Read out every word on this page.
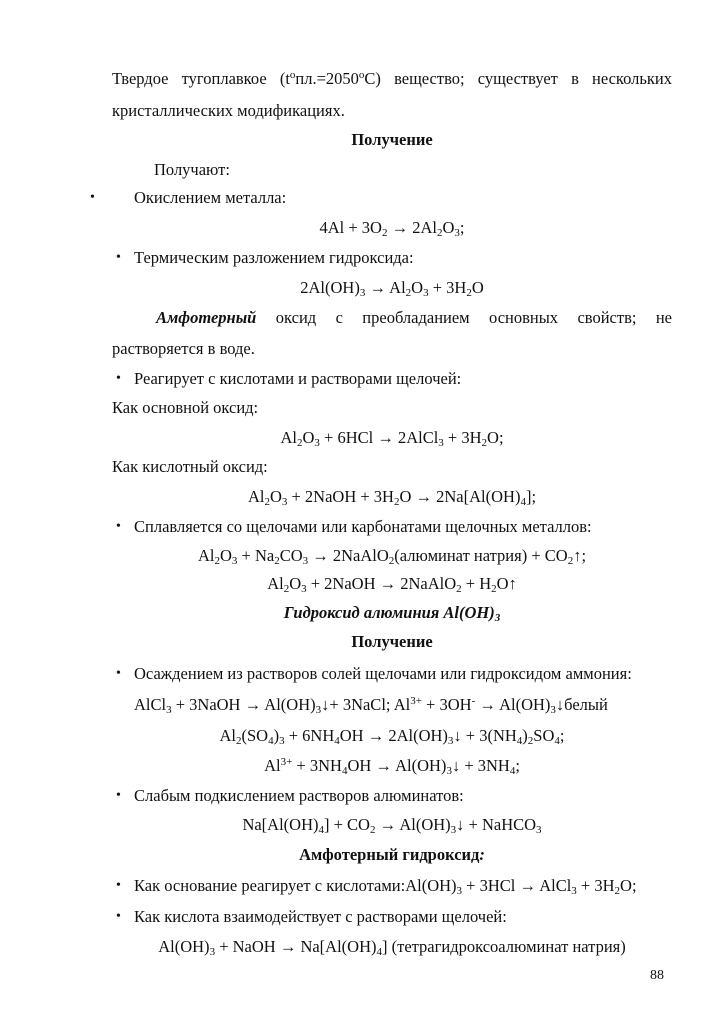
Твердое тугоплавкое $(t^опл.=2050^оС)$ вещество; существует в нескольких
кристаллических модификациях.
Получение
Получают:
• Окислением металла:
$4Al + 3O_2 \to 2Al_2O_3$;
• Термическим разложением гидроксида:
$2Al(OH)_3 \to Al_2O_3 + 3H_2O$
Амфотерный оксид с преобладанием основных свойств; не
растворяется в воде.
• Реагирует с кислотами и растворами щелочей:
Как основной оксид:
$Al_2O_3 + 6HCl$ → 2AlCl$_3$ + $3H_2O$;
Как кислотный оксид:
$Al_2O_3$ + 2NaOH + $3H_2O \to 2Na[Al(OH)_4]$;
• Сплавляется со щелочами или карбонатами щелочных металлов:
$Al_2O_3 + Na_2CO_3$ → 2NaAlO$_2$(алюминат натрия) + $CO_2↑$;
$Al_2O_3$ + 2NaOH → 2NaAlO$_2$ + $H_2O↑$
Гидроксид алюминия $Al(OH)_3$
Получение
• Осаждением из растворов солей щелочами или гидроксидом аммония:
AlCl$_3$ + 3NaOH → $Al(OH)_3↓+$ 3NaCl; $Al^{3+} + 3OH^-$ → $Al(OH)_3↓белый$
$Al_2(SO_4)_3 + 6NH_4OH$ → $2Al(OH)_3↓ + 3(NH_4)_2SO_4$;
$Al^{3+} + 3NH_4OH$ → $Al(OH)_3↓ + 3NH_4$;
• Слабым подкислением растворов алюминатов:
$Na[Al(OH)_4] + CO_2$ → $Al(OH)_3↓$ + NaHCO$_3$
Амфотерный гидроксид:
• Как основание реагирует с $кислотами:Al(OH)_3 + 3HCl$ → AlCl$_3$ + $3H_2O$;
• Как кислота взаимодействует с растворами щелочей:
$Al(OH)_3$ + NaOH → $Na[Al(OH)_4]$ (тетрагидроксоалюминат натрия)
88
